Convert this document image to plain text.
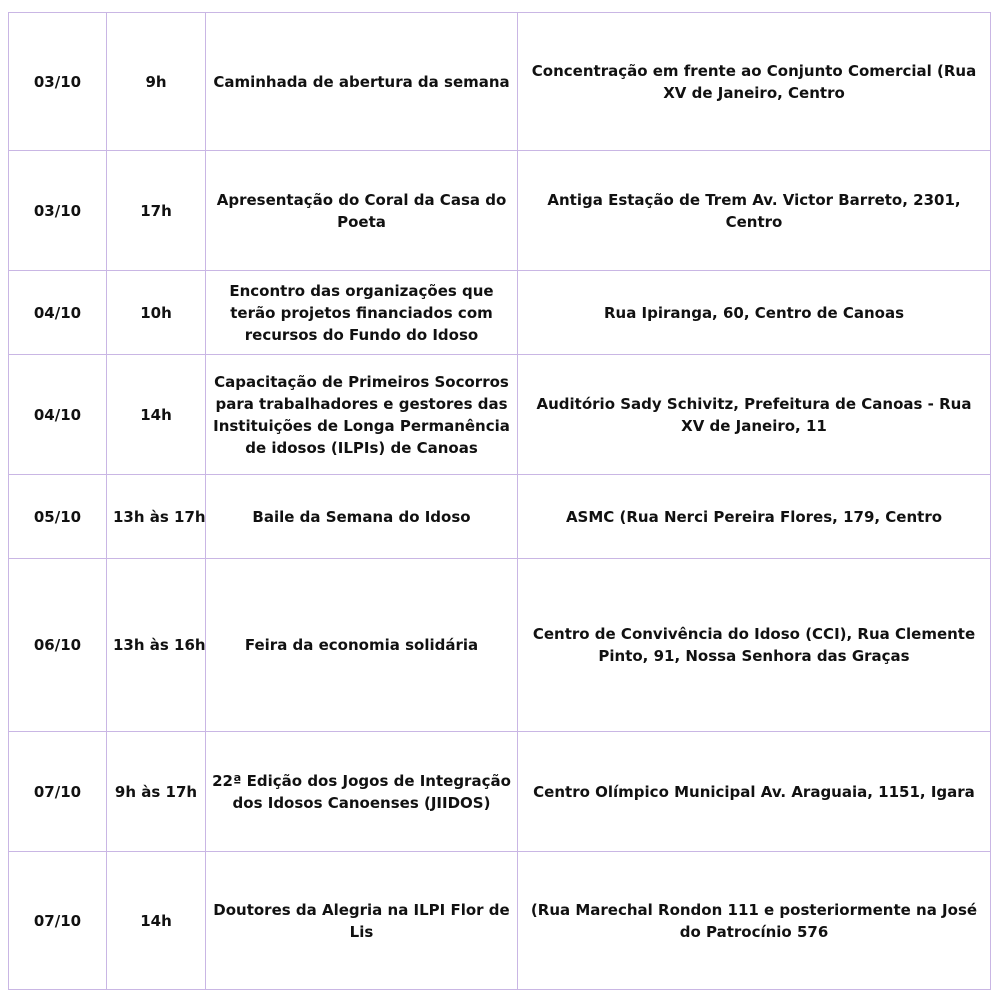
03/10	9h	Caminhada de abertura da semana	Concentração em frente ao Conjunto Comercial (Rua XV de Janeiro, Centro
03/10	17h	Apresentação do Coral da Casa do Poeta	Antiga Estação de Trem Av. Victor Barreto, 2301, Centro
04/10	10h	Encontro das organizações que terão projetos financiados com recursos do Fundo do Idoso	Rua Ipiranga, 60, Centro de Canoas
04/10	14h	Capacitação de Primeiros Socorros para trabalhadores e gestores das Instituições de Longa Permanência de idosos (ILPIs) de Canoas	Auditório Sady Schivitz, Prefeitura de Canoas - Rua XV de Janeiro, 11
05/10	13h às 17h	Baile da Semana do Idoso	ASMC (Rua Nerci Pereira Flores, 179, Centro
06/10	13h às 16h	Feira da economia solidária	Centro de Convivência do Idoso (CCI), Rua Clemente Pinto, 91, Nossa Senhora das Graças
07/10	9h às 17h	22ª Edição dos Jogos de Integração dos Idosos Canoenses (JIIDOS)	Centro Olímpico Municipal Av. Araguaia, 1151, Igara
07/10	14h	Doutores da Alegria na ILPI Flor de Lis	(Rua Marechal Rondon 111 e posteriormente na José do Patrocínio 576
